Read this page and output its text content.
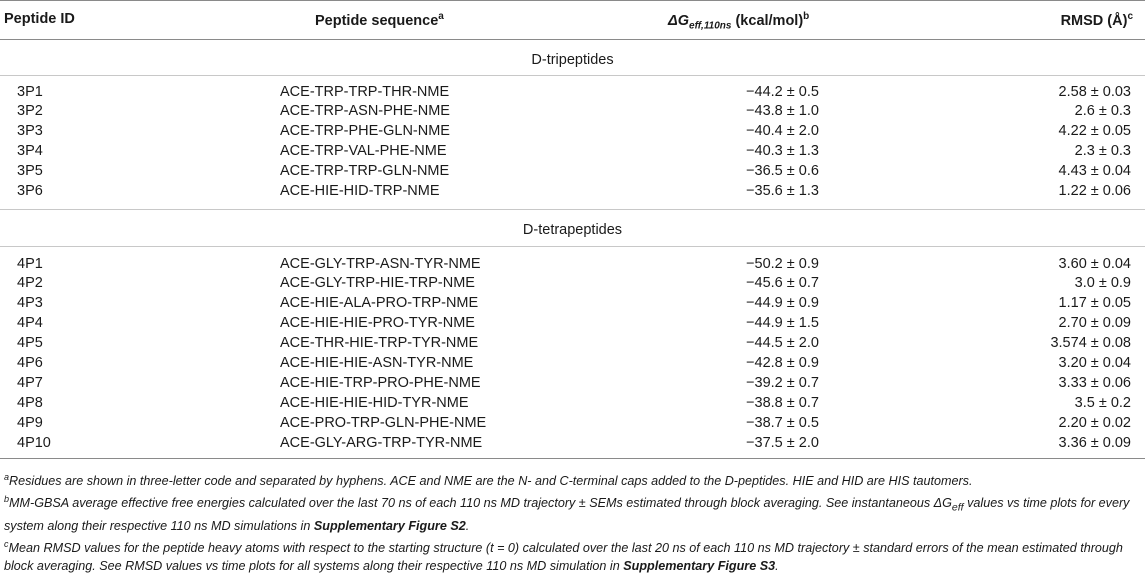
Peptide ID	Peptide sequence$^a$	$\Delta G_{eff,110ns}$ (kcal/mol)$^b$	RMSD (Å)$^c$
D-tripeptides
3P1	ACE-TRP-TRP-THR-NME	−44.2 ± 0.5	2.58 ± 0.03
3P2	ACE-TRP-ASN-PHE-NME	−43.8 ± 1.0	2.6 ± 0.3
3P3	ACE-TRP-PHE-GLN-NME	−40.4 ± 2.0	4.22 ± 0.05
3P4	ACE-TRP-VAL-PHE-NME	−40.3 ± 1.3	2.3 ± 0.3
3P5	ACE-TRP-TRP-GLN-NME	−36.5 ± 0.6	4.43 ± 0.04
3P6	ACE-HIE-HID-TRP-NME	−35.6 ± 1.3	1.22 ± 0.06
D-tetrapeptides
4P1	ACE-GLY-TRP-ASN-TYR-NME	−50.2 ± 0.9	3.60 ± 0.04
4P2	ACE-GLY-TRP-HIE-TRP-NME	−45.6 ± 0.7	3.0 ± 0.9
4P3	ACE-HIE-ALA-PRO-TRP-NME	−44.9 ± 0.9	1.17 ± 0.05
4P4	ACE-HIE-HIE-PRO-TYR-NME	−44.9 ± 1.5	2.70 ± 0.09
4P5	ACE-THR-HIE-TRP-TYR-NME	−44.5 ± 2.0	3.574 ± 0.08
4P6	ACE-HIE-HIE-ASN-TYR-NME	−42.8 ± 0.9	3.20 ± 0.04
4P7	ACE-HIE-TRP-PRO-PHE-NME	−39.2 ± 0.7	3.33 ± 0.06
4P8	ACE-HIE-HIE-HID-TYR-NME	−38.8 ± 0.7	3.5 ± 0.2
4P9	ACE-PRO-TRP-GLN-PHE-NME	−38.7 ± 0.5	2.20 ± 0.02
4P10	ACE-GLY-ARG-TRP-TYR-NME	−37.5 ± 2.0	3.36 ± 0.09

$^a$Residues are shown in three-letter code and separated by hyphens. ACE and NME are the N- and C-terminal caps added to the D-peptides. HIE and HID are HIS tautomers.

$^b$MM-GBSA average effective free energies calculated over the last 70 ns of each 110 ns MD trajectory ± SEMs estimated through block averaging. See instantaneous $\Delta G_{eff}$ values vs time plots for every system along their respective 110 ns MD simulations in Supplementary Figure S2.

$^c$Mean RMSD values for the peptide heavy atoms with respect to the starting structure (t = 0) calculated over the last 20 ns of each 110 ns MD trajectory ± standard errors of the mean estimated through block averaging. See RMSD values vs time plots for all systems along their respective 110 ns MD simulation in Supplementary Figure S3.
